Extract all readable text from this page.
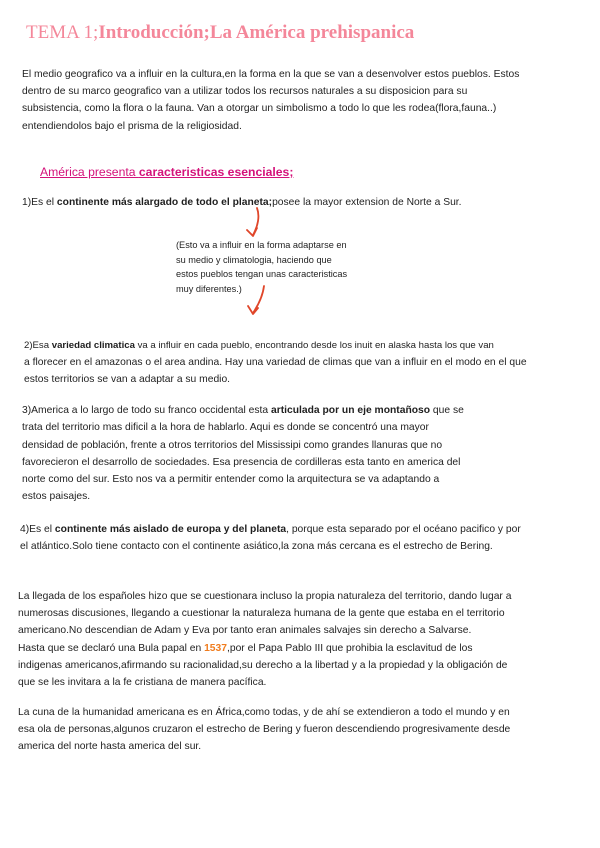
TEMA 1;Introducción;La América prehispanica
El medio geografico va a influir en la cultura,en la forma en la que se van a desenvolver estos pueblos. Estos
dentro de su marco geografico van a utilizar todos los recursos naturales a su disposicion para su
subsistencia, como la flora o la fauna. Van a otorgar un simbolismo a todo lo que les rodea(flora,fauna..)
entendiendolos bajo el prisma de la religiosidad.
América presenta caracteristicas esenciales;
1)Es el continente más alargado de todo el planeta;posee la mayor extension de Norte a Sur.
(Esto va a influir en la forma adaptarse en
su medio y climatologia, haciendo que
estos pueblos tengan unas caracteristicas
muy diferentes.)
2)Esa variedad climatica va a influir en cada pueblo, encontrando desde los inuit en alaska hasta los que van
a florecer en el amazonas o el area andina. Hay una variedad de climas que van a influir en el modo en el que
estos territorios se van a adaptar a su medio.
3)America a lo largo de todo su franco occidental esta articulada por un eje montañoso que se
trata del territorio mas dificil a la hora de hablarlo. Aqui es donde se concentró una mayor
densidad de población, frente a otros territorios del Mississipi como grandes llanuras que no
favorecieron el desarrollo de sociedades. Esa presencia de cordilleras esta tanto en america del
norte como del sur. Esto nos va a permitir entender como la arquitectura se va adaptando a
estos paisajes.
4)Es el continente más aislado de europa y del planeta, porque esta separado por el océano pacifico y por
el atlántico.Solo tiene contacto con el continente asiático,la zona más cercana es el estrecho de Bering.
La llegada de los españoles hizo que se cuestionara incluso la propia naturaleza del territorio, dando lugar a
numerosas discusiones, llegando a cuestionar la naturaleza humana de la gente que estaba en el territorio
americano.No descendian de Adam y Eva por tanto eran animales salvajes sin derecho a Salvarse.
Hasta que se declaró una Bula papal en 1537,por el Papa Pablo III que prohibia la esclavitud de los
indigenas americanos,afirmando su racionalidad,su derecho a la libertad y a la propiedad y la obligación de
que se les invitara a la fe cristiana de manera pacífica.
La cuna de la humanidad americana es en África,como todas, y de ahí se extendieron a todo el mundo y en
esa ola de personas,algunos cruzaron el estrecho de Bering y fueron descendiendo progresivamente desde
america del norte hasta america del sur.
